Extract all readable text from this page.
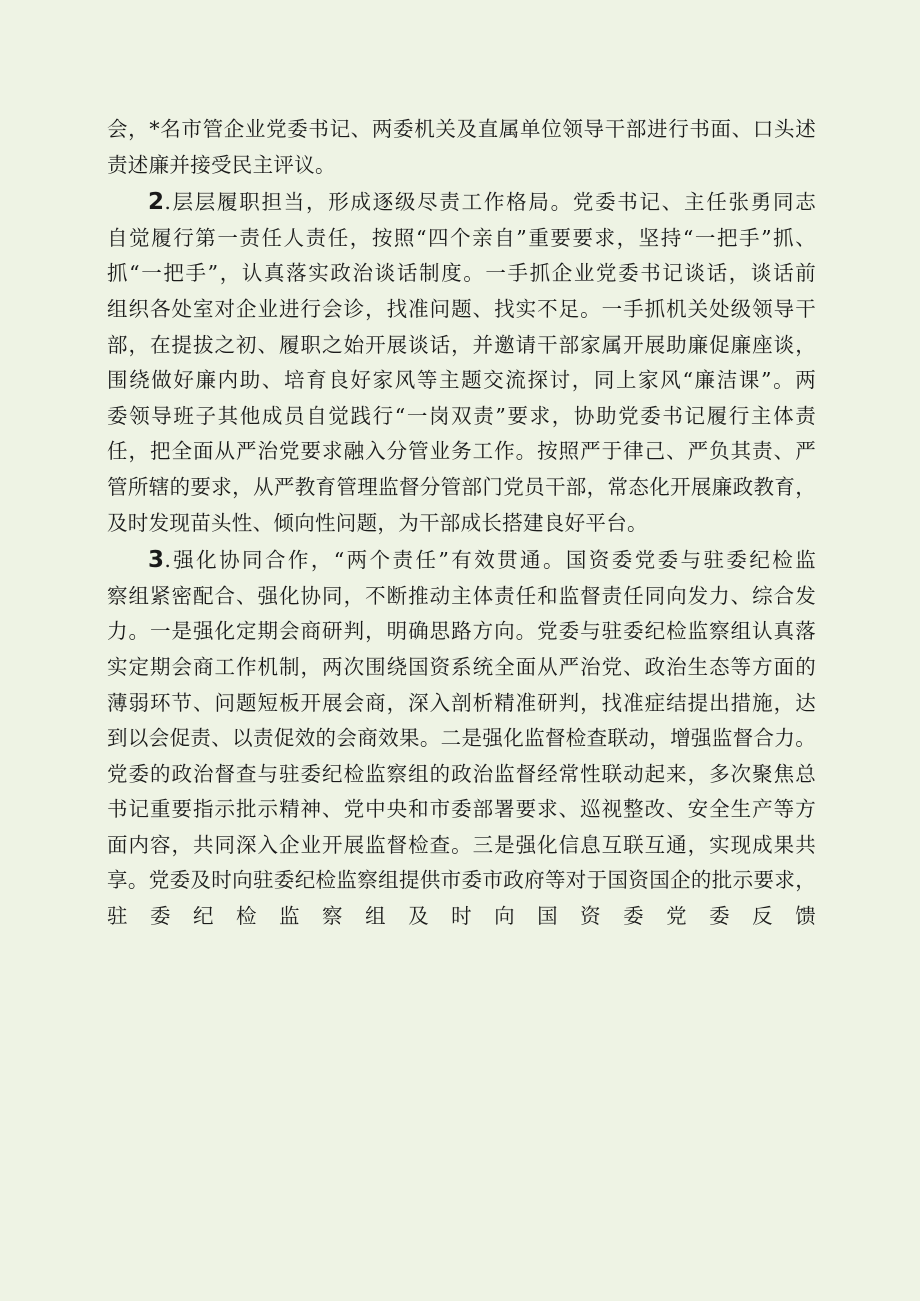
会，*名市管企业党委书记、两委机关及直属单位领导干部进行书面、口头述
责述廉并接受民主评议。
2.层层履职担当，形成逐级尽责工作格局。党委书记、主任张勇同志
自觉履行第一责任人责任，按照“四个亲自”重要要求，坚持“一把手”抓、
抓“一把手”，认真落实政治谈话制度。一手抓企业党委书记谈话，谈话前
组织各处室对企业进行会诊，找准问题、找实不足。一手抓机关处级领导干
部，在提拔之初、履职之始开展谈话，并邀请干部家属开展助廉促廉座谈，
围绕做好廉内助、培育良好家风等主题交流探讨，同上家风“廉洁课”。两
委领导班子其他成员自觉践行“一岗双责”要求，协助党委书记履行主体责
任，把全面从严治党要求融入分管业务工作。按照严于律己、严负其责、严
管所辖的要求，从严教育管理监督分管部门党员干部，常态化开展廉政教育，
及时发现苗头性、倾向性问题，为干部成长搭建良好平台。
3.强化协同合作，“两个责任”有效贯通。国资委党委与驻委纪检监
察组紧密配合、强化协同，不断推动主体责任和监督责任同向发力、综合发
力。一是强化定期会商研判，明确思路方向。党委与驻委纪检监察组认真落
实定期会商工作机制，两次围绕国资系统全面从严治党、政治生态等方面的
薄弱环节、问题短板开展会商，深入剖析精准研判，找准症结提出措施，达
到以会促责、以责促效的会商效果。二是强化监督检查联动，增强监督合力。
党委的政治督查与驻委纪检监察组的政治监督经常性联动起来，多次聚焦总
书记重要指示批示精神、党中央和市委部署要求、巡视整改、安全生产等方
面内容，共同深入企业开展监督检查。三是强化信息互联互通，实现成果共
享。党委及时向驻委纪检监察组提供市委市政府等对于国资国企的批示要求，
驻委纪检监察组及时向国资委党委反馈
